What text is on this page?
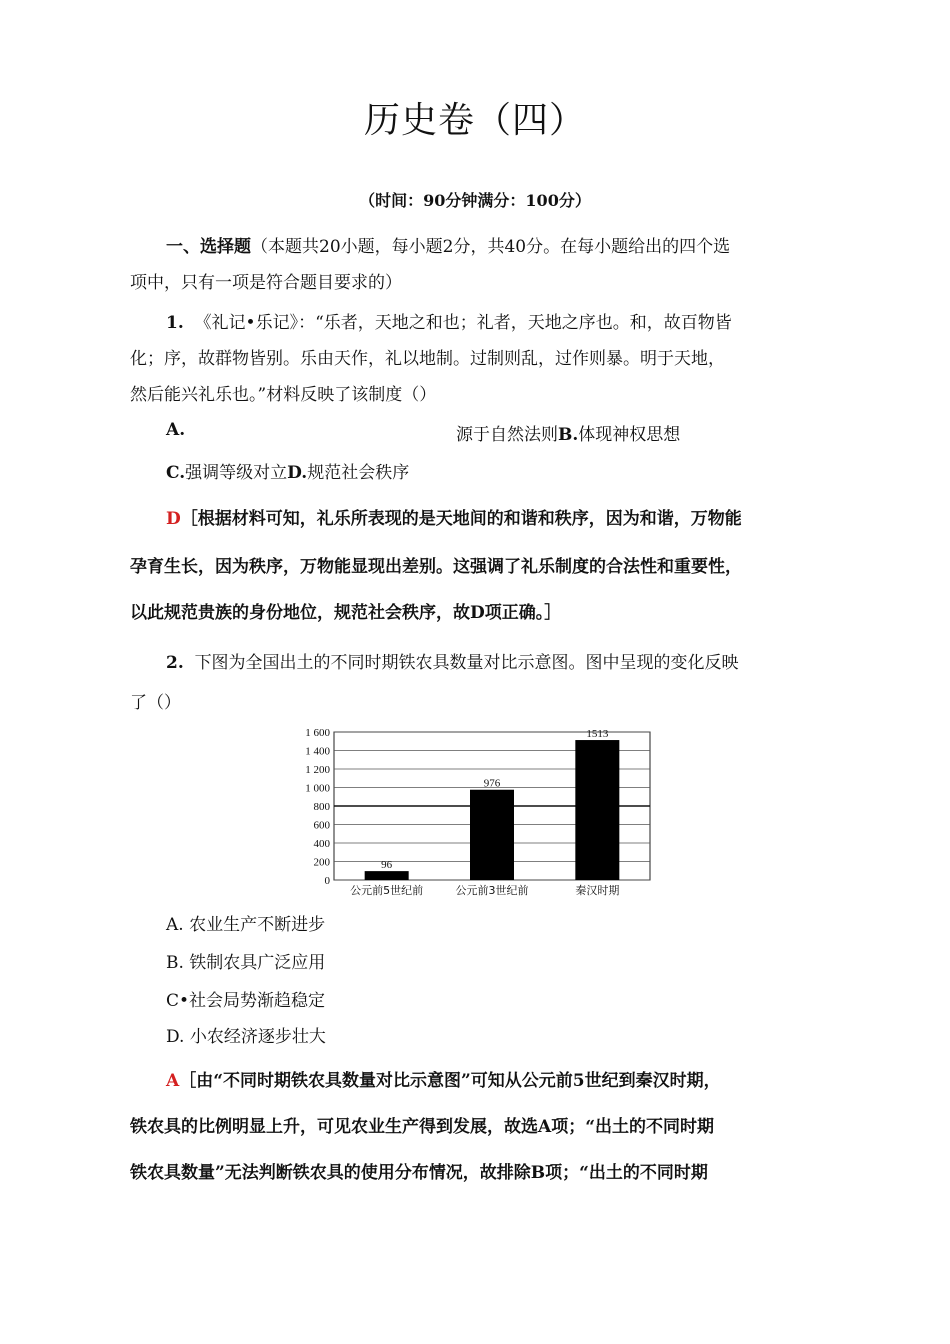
历史卷（四）
（时间：90分钟满分：100分）
一、选择题（本题共20小题，每小题2分，共40分。在每小题给出的四个选
项中，只有一项是符合题目要求的）
1. 《礼记•乐记》：“乐者，天地之和也；礼者，天地之序也。和，故百物皆
化；序，故群物皆别。乐由天作，礼以地制。过制则乱，过作则暴。明于天地，
然后能兴礼乐也。”材料反映了该制度（）
A.	源于自然法则B.体现神权思想
C.强调等级对立D.规范社会秩序
D［根据材料可知，礼乐所表现的是天地间的和谐和秩序，因为和谐，万物能
孕育生长，因为秩序，万物能显现出差别。这强调了礼乐制度的合法性和重要性，
以此规范贵族的身份地位，规范社会秩序，故D项正确。］
2. 下图为全国出土的不同时期铁农具数量对比示意图。图中呈现的变化反映
了（）
0
200
400
600
800
1 000
1 200
1 400
1 600
96
公元前5世纪前
976
公元前3世纪前
1513
秦汉时期
A. 农业生产不断进步
B. 铁制农具广泛应用
C•社会局势渐趋稳定
D. 小农经济逐步壮大
A［由“不同时期铁农具数量对比示意图”可知从公元前5世纪到秦汉时期，
铁农具的比例明显上升，可见农业生产得到发展，故选A项；“出土的不同时期
铁农具数量”无法判断铁农具的使用分布情况，故排除B项；“出土的不同时期
